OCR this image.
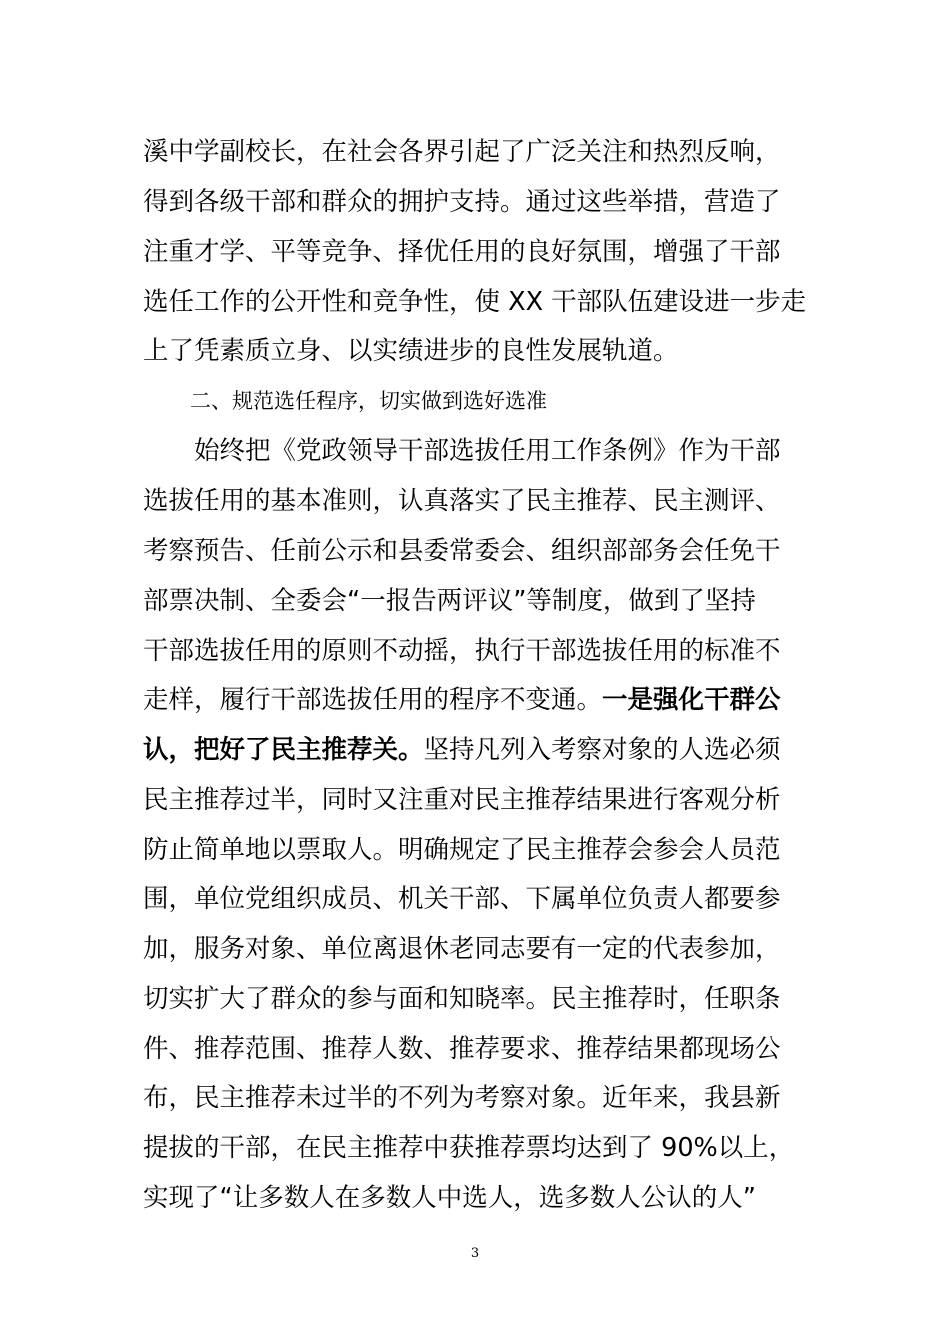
溪中学副校长，在社会各界引起了广泛关注和热烈反响，
得到各级干部和群众的拥护支持。通过这些举措，营造了
注重才学、平等竞争、择优任用的良好氛围，增强了干部
选任工作的公开性和竞争性，使 XX 干部队伍建设进一步走
上了凭素质立身、以实绩进步的良性发展轨道。
二、规范选任程序，切实做到选好选准
始终把《党政领导干部选拔任用工作条例》作为干部
选拔任用的基本准则，认真落实了民主推荐、民主测评、
考察预告、任前公示和县委常委会、组织部部务会任免干
部票决制、全委会“一报告两评议”等制度，做到了坚持
干部选拔任用的原则不动摇，执行干部选拔任用的标准不
走样，履行干部选拔任用的程序不变通。一是强化干群公
认，把好了民主推荐关。坚持凡列入考察对象的人选必须
民主推荐过半，同时又注重对民主推荐结果进行客观分析
防止简单地以票取人。明确规定了民主推荐会参会人员范
围，单位党组织成员、机关干部、下属单位负责人都要参
加，服务对象、单位离退休老同志要有一定的代表参加，
切实扩大了群众的参与面和知晓率。民主推荐时，任职条
件、推荐范围、推荐人数、推荐要求、推荐结果都现场公
布，民主推荐未过半的不列为考察对象。近年来，我县新
提拔的干部，在民主推荐中获推荐票均达到了 90%以上，
实现了“让多数人在多数人中选人，选多数人公认的人”
3
